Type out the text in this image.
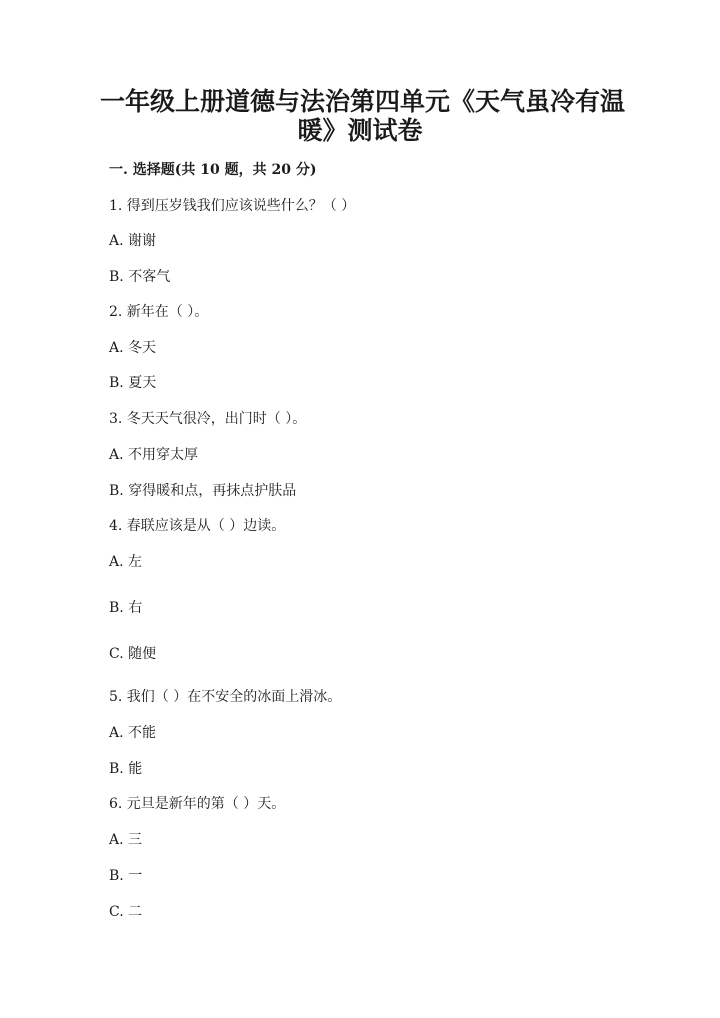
一年级上册道德与法治第四单元《天气虽冷有温
暖》测试卷
一. 选择题(共 10 题，共 20 分)
1. 得到压岁钱我们应该说些什么？（ ）
A. 谢谢
B. 不客气
2. 新年在（ ）。
A. 冬天
B. 夏天
3. 冬天天气很冷，出门时（ ）。
A. 不用穿太厚
B. 穿得暖和点，再抹点护肤品
4. 春联应该是从（ ）边读。
A. 左
B. 右
C. 随便
5. 我们（ ）在不安全的冰面上滑冰。
A. 不能
B. 能
6. 元旦是新年的第（ ）天。
A. 三
B. 一
C. 二
